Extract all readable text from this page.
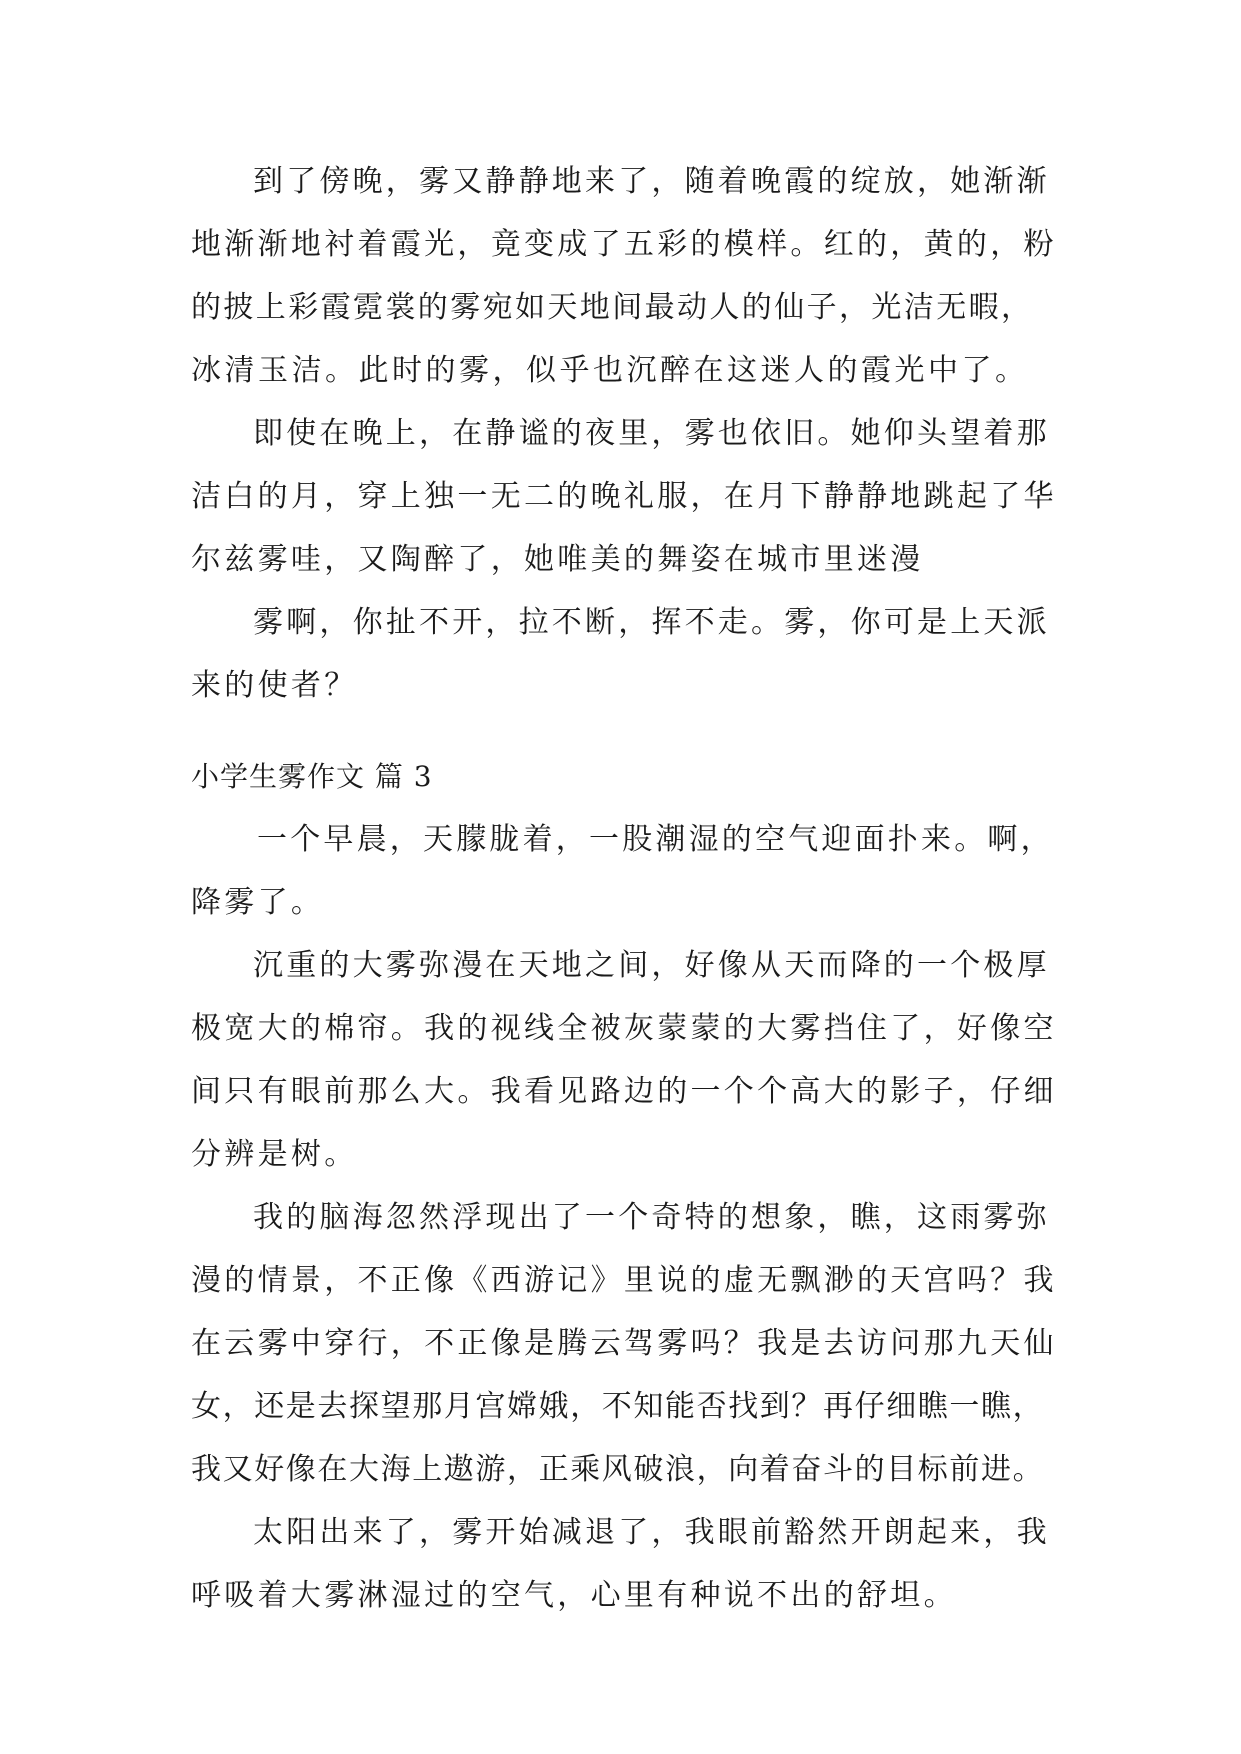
到了傍晚，雾又静静地来了，随着晚霞的绽放，她渐渐
地渐渐地衬着霞光，竟变成了五彩的模样。红的，黄的，粉
的披上彩霞霓裳的雾宛如天地间最动人的仙子，光洁无暇，
冰清玉洁。此时的雾，似乎也沉醉在这迷人的霞光中了。
即使在晚上，在静谧的夜里，雾也依旧。她仰头望着那
洁白的月，穿上独一无二的晚礼服，在月下静静地跳起了华
尔兹雾哇，又陶醉了，她唯美的舞姿在城市里迷漫
雾啊，你扯不开，拉不断，挥不走。雾，你可是上天派
来的使者？
小学生雾作文 篇 3
一个早晨，天朦胧着，一股潮湿的空气迎面扑来。啊，
降雾了。
沉重的大雾弥漫在天地之间，好像从天而降的一个极厚
极宽大的棉帘。我的视线全被灰蒙蒙的大雾挡住了，好像空
间只有眼前那么大。我看见路边的一个个高大的影子，仔细
分辨是树。
我的脑海忽然浮现出了一个奇特的想象，瞧，这雨雾弥
漫的情景，不正像《西游记》里说的虚无飘渺的天宫吗？我
在云雾中穿行，不正像是腾云驾雾吗？我是去访问那九天仙
女，还是去探望那月宫嫦娥，不知能否找到？再仔细瞧一瞧，
我又好像在大海上遨游，正乘风破浪，向着奋斗的目标前进。
太阳出来了，雾开始减退了，我眼前豁然开朗起来，我
呼吸着大雾淋湿过的空气，心里有种说不出的舒坦。
